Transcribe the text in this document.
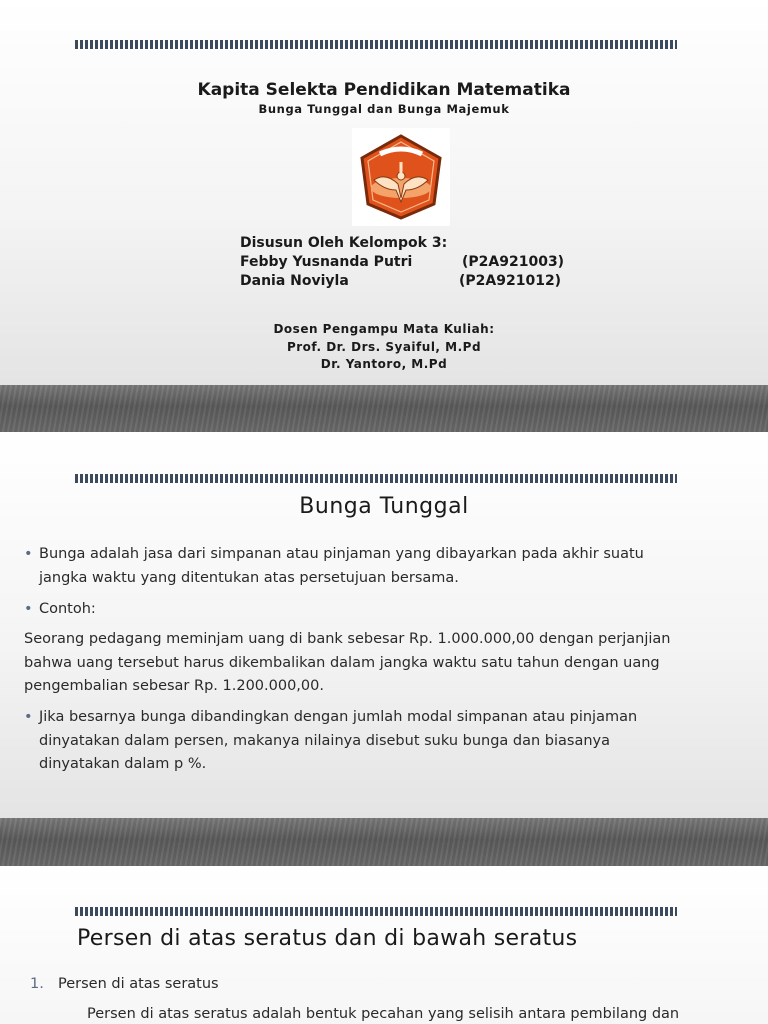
Kapita Selekta Pendidikan Matematika
Bunga Tunggal dan Bunga Majemuk
Disusun Oleh Kelompok 3:
Febby Yusnanda Putri	(P2A921003)
Dania Noviyla	(P2A921012)
Dosen Pengampu Mata Kuliah:
Prof. Dr. Drs. Syaiful, M.Pd
Dr. Yantoro, M.Pd
Bunga Tunggal
• Bunga adalah jasa dari simpanan atau pinjaman yang dibayarkan pada akhir suatu
jangka waktu yang ditentukan atas persetujuan bersama.
• Contoh:
Seorang pedagang meminjam uang di bank sebesar Rp. 1.000.000,00 dengan perjanjian
bahwa uang tersebut harus dikembalikan dalam jangka waktu satu tahun dengan uang
pengembalian sebesar Rp. 1.200.000,00.
• Jika besarnya bunga dibandingkan dengan jumlah modal simpanan atau pinjaman
dinyatakan dalam persen, makanya nilainya disebut suku bunga dan biasanya
dinyatakan dalam p %.
Persen di atas seratus dan di bawah seratus
1. Persen di atas seratus
Persen di atas seratus adalah bentuk pecahan yang selisih antara pembilang dan
